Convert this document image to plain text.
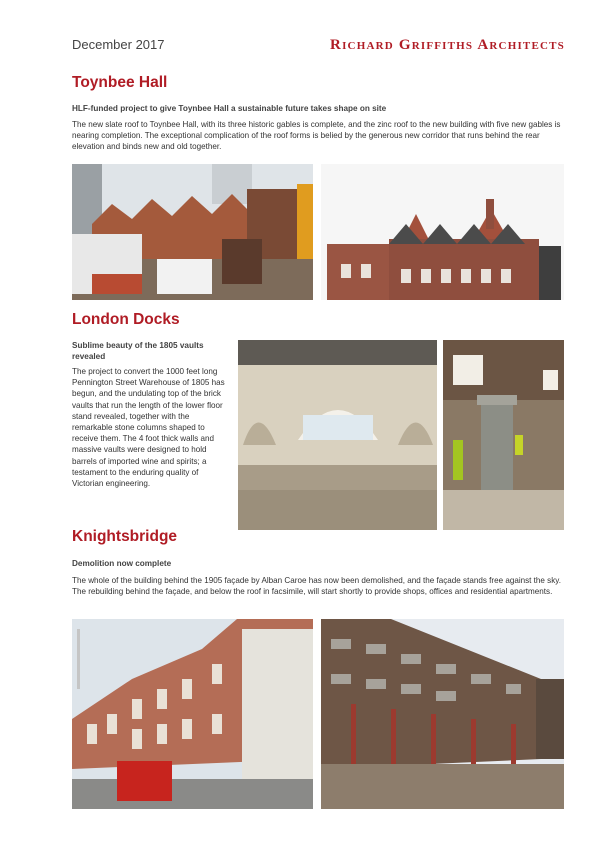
December 2017	Richard Griffiths Architects
Toynbee Hall
HLF-funded project to give Toynbee Hall a sustainable future takes shape on site
The new slate roof to Toynbee Hall, with its three historic gables is complete, and the zinc roof to the new building with five new gables is nearing completion. The exceptional complication of the roof forms is belied by the generous new corridor that runs behind the rear elevation and binds new and old together.
London Docks
Sublime beauty of the 1805 vaults revealed
The project to convert the 1000 feet long Pennington Street Warehouse of 1805 has begun, and the undulating top of the brick vaults that run the length of the lower floor stand revealed, together with the remarkable stone columns shaped to receive them. The 4 foot thick walls and massive vaults were designed to hold barrels of imported wine and spirits; a testament to the enduring quality of Victorian engineering.
Knightsbridge
Demolition now complete
The whole of the building behind the 1905 façade by Alban Caroe has now been demolished, and the façade stands free against the sky. The rebuilding behind the façade, and below the roof in facsimile, will start shortly to provide shops, offices and residential apartments.
